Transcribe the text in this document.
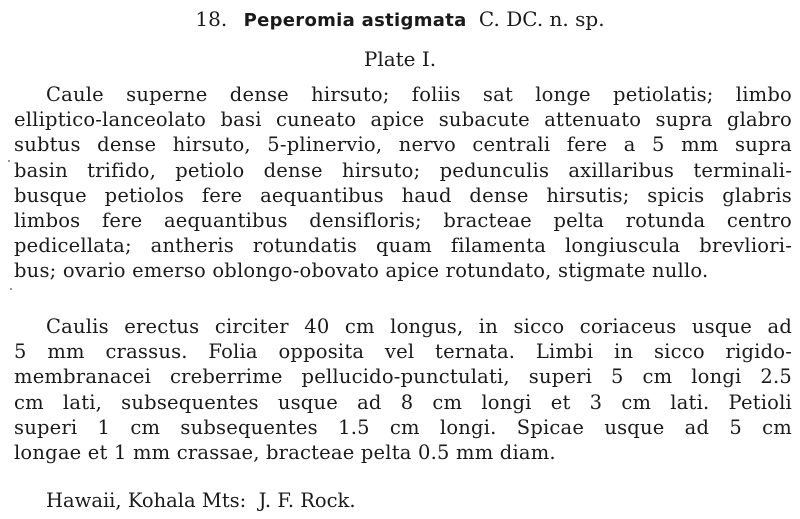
18. Peperomia astigmata C. DC. n. sp.
Plate I.
Caule superne dense hirsuto; foliis sat longe petiolatis; limbo
elliptico-lanceolato basi cuneato apice subacute attenuato supra glabro
subtus dense hirsuto, 5-plinervio, nervo centrali fere a 5 mm supra
basin trifido, petiolo dense hirsuto; pedunculis axillaribus terminali-
busque petiolos fere aequantibus haud dense hirsutis; spicis glabris
limbos fere aequantibus densifloris; bracteae pelta rotunda centro
pedicellata; antheris rotundatis quam filamenta longiuscula brevliori-
bus; ovario emerso oblongo-obovato apice rotundato, stigmate nullo.
Caulis erectus circiter 40 cm longus, in sicco coriaceus usque ad
5 mm crassus. Folia opposita vel ternata. Limbi in sicco rigido-
membranacei creberrime pellucido-punctulati, superi 5 cm longi 2.5
cm lati, subsequentes usque ad 8 cm longi et 3 cm lati. Petioli
superi 1 cm subsequentes 1.5 cm longi. Spicae usque ad 5 cm
longae et 1 mm crassae, bracteae pelta 0.5 mm diam.
Hawaii, Kohala Mts:  J. F. Rock.
